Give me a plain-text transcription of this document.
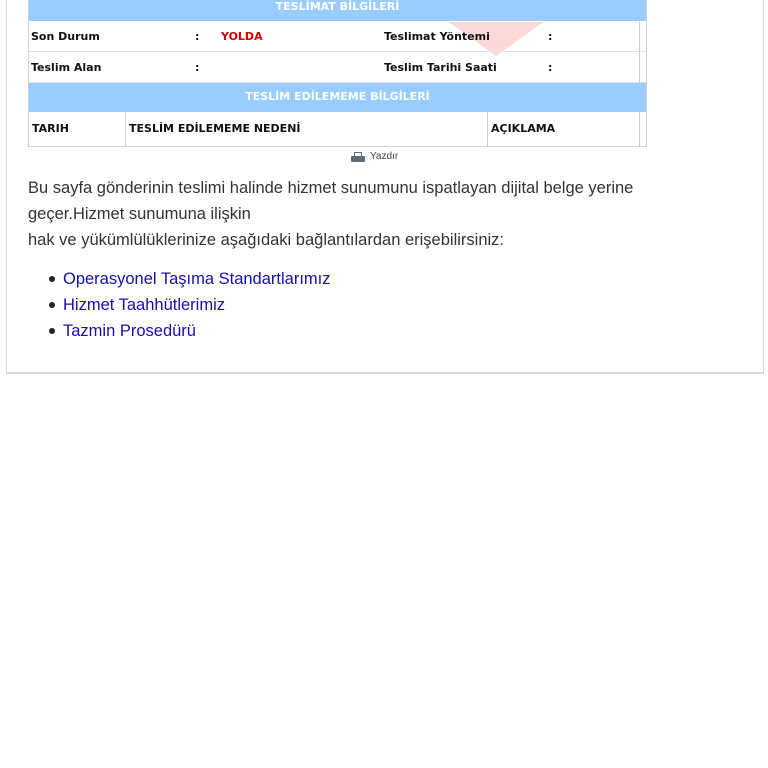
TESLİMAT BİLGİLERİ
Son Durum	: YOLDA	Teslimat Yöntemi	:
Teslim Alan	:	Teslim Tarihi Saati	:
TESLİM EDİLEMEME BİLGİLERİ
TARIH	TESLİM EDİLEMEME NEDENİ	AÇIKLAMA
Yazdır
Bu sayfa gönderinin teslimi halinde hizmet sunumunu ispatlayan dijital belge yerine geçer.Hizmet sunumuna ilişkin
hak ve yükümlülüklerinize aşağıdaki bağlantılardan erişebilirsiniz:
Operasyonel Taşıma Standartlarımız
Hizmet Taahhütlerimiz
Tazmin Prosedürü
